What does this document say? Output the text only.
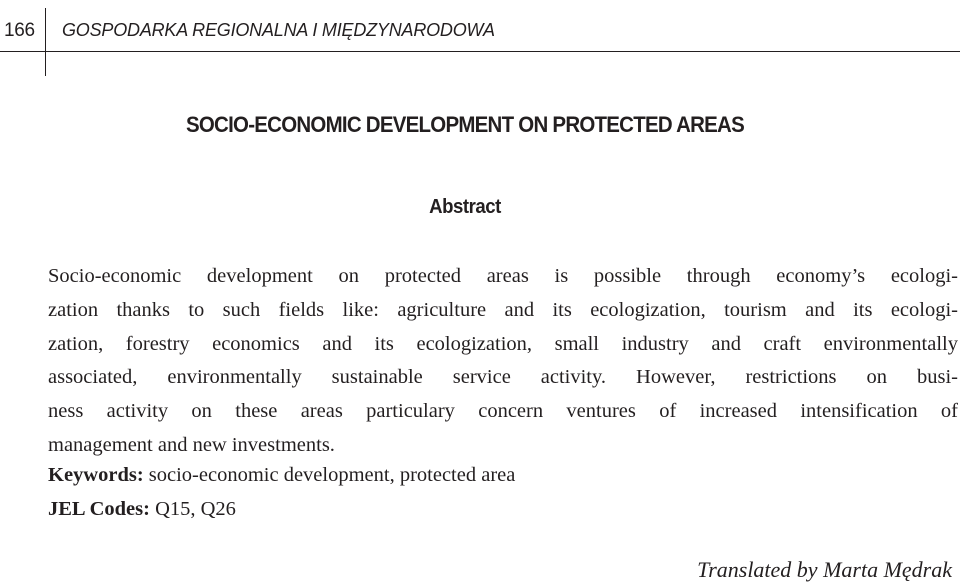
166 GOSPODARKA REGIONALNA I MIĘDZYNARODOWA
SOCIO-ECONOMIC DEVELOPMENT ON PROTECTED AREAS
Abstract
Socio-economic development on protected areas is possible through economy’s ecologi-
zation thanks to such fields like: agriculture and its ecologization, tourism and its ecologi-
zation, forestry economics and its ecologization, small industry and craft environmentally
associated, environmentally sustainable service activity. However, restrictions on busi-
ness activity on these areas particulary concern ventures of increased intensification of
management and new investments.
Keywords: socio-economic development, protected area
JEL Codes: Q15, Q26
Translated by Marta Mędrak
